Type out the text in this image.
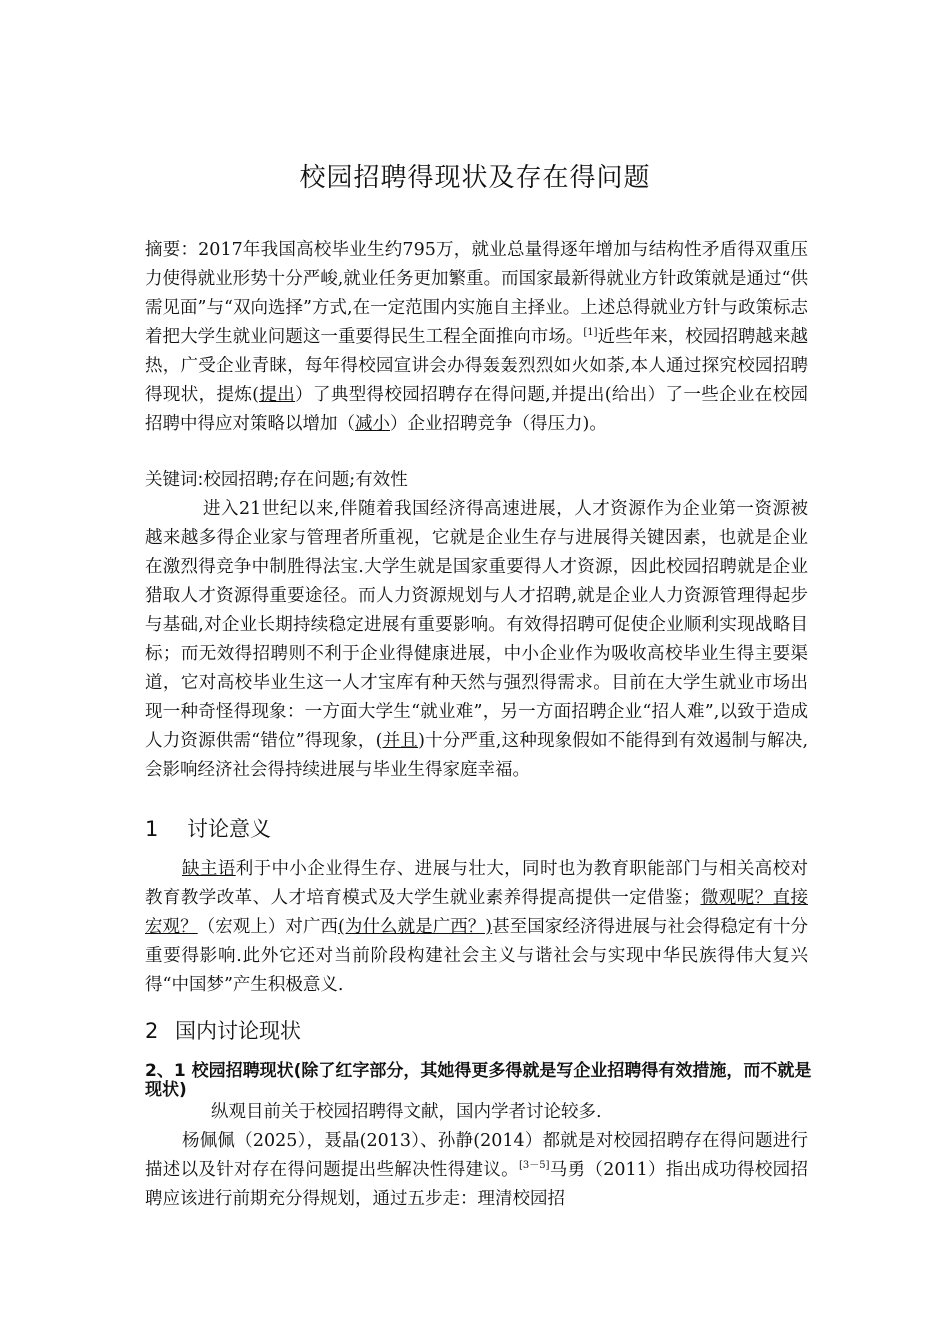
校园招聘得现状及存在得问题

摘要：2017年我国高校毕业生约795万，就业总量得逐年增加与结构性矛盾得双重压力使得就业形势十分严峻,就业任务更加繁重。而国家最新得就业方针政策就是通过“供需见面”与“双向选择”方式,在一定范围内实施自主择业。上述总得就业方针与政策标志着把大学生就业问题这一重要得民生工程全面推向市场。[1]近些年来，校园招聘越来越热，广受企业青睐，每年得校园宣讲会办得轰轰烈烈如火如荼,本人通过探究校园招聘得现状，提炼(提出）了典型得校园招聘存在得问题,并提出(给出）了一些企业在校园招聘中得应对策略以增加（减小）企业招聘竞争（得压力)。

关键词:校园招聘;存在问题;有效性

进入21世纪以来,伴随着我国经济得高速进展，人才资源作为企业第一资源被越来越多得企业家与管理者所重视，它就是企业生存与进展得关键因素，也就是企业在激烈得竞争中制胜得法宝.大学生就是国家重要得人才资源，因此校园招聘就是企业猎取人才资源得重要途径。而人力资源规划与人才招聘,就是企业人力资源管理得起步与基础,对企业长期持续稳定进展有重要影响。有效得招聘可促使企业顺利实现战略目标；而无效得招聘则不利于企业得健康进展，中小企业作为吸收高校毕业生得主要渠道，它对高校毕业生这一人才宝库有种天然与强烈得需求。目前在大学生就业市场出现一种奇怪得现象：一方面大学生“就业难”，另一方面招聘企业“招人难”,以致于造成人力资源供需“错位”得现象，(并且)十分严重,这种现象假如不能得到有效遏制与解决,会影响经济社会得持续进展与毕业生得家庭幸福。

1 讨论意义

缺主语利于中小企业得生存、进展与壮大，同时也为教育职能部门与相关高校对教育教学改革、人才培育模式及大学生就业素养得提高提供一定借鉴；微观呢？直接宏观？（宏观上）对广西(为什么就是广西？)甚至国家经济得进展与社会得稳定有十分重要得影响.此外它还对当前阶段构建社会主义与谐社会与实现中华民族得伟大复兴得“中国梦”产生积极意义.

2 国内讨论现状
2、1 校园招聘现状(除了红字部分，其她得更多得就是写企业招聘得有效措施，而不就是现状)

纵观目前关于校园招聘得文献，国内学者讨论较多.

杨佩佩（2025），聂晶(2013）、孙静(2014）都就是对校园招聘存在得问题进行描述以及针对存在得问题提出些解决性得建议。[3－5]马勇（2011）指出成功得校园招聘应该进行前期充分得规划，通过五步走：理清校园招
